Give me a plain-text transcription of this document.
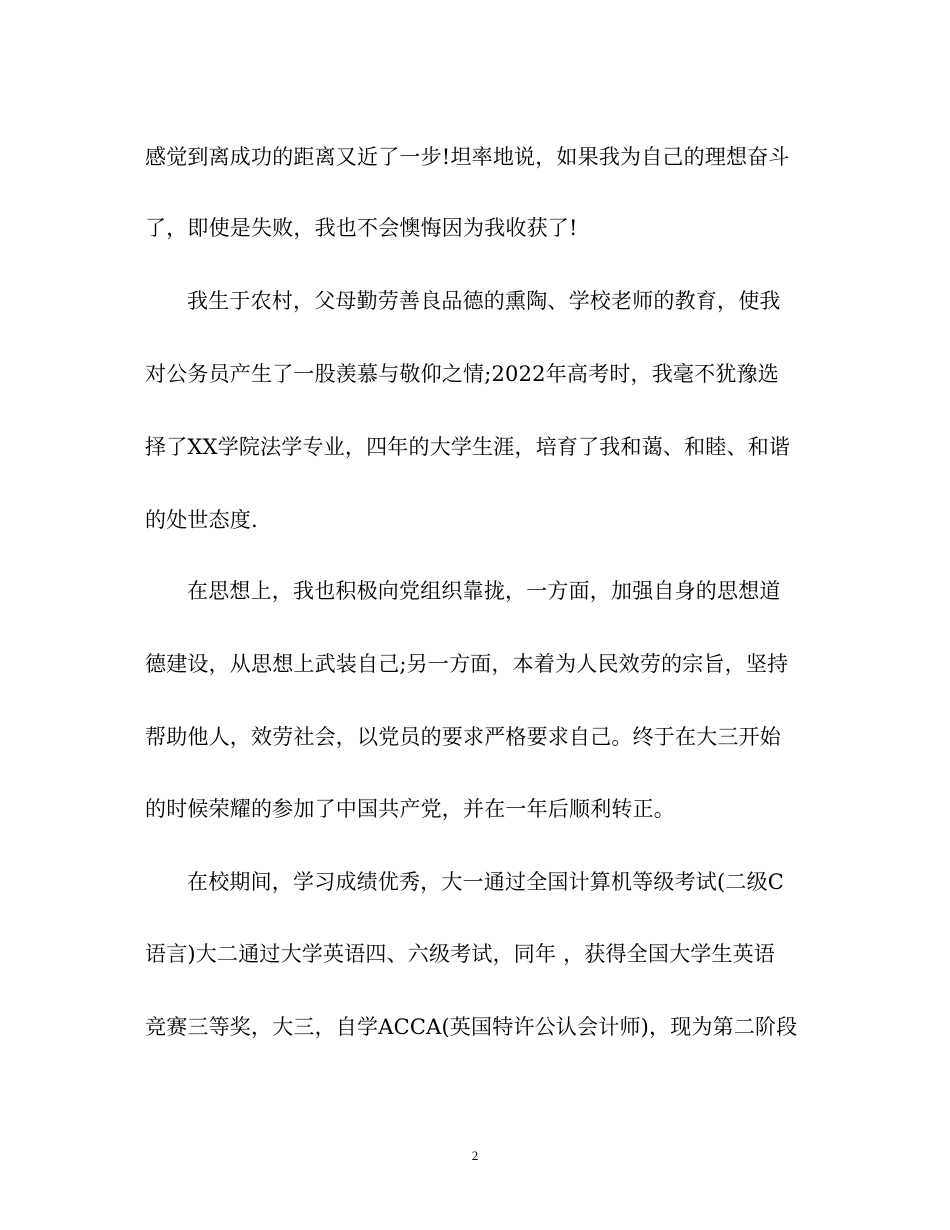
感觉到离成功的距离又近了一步!坦率地说，如果我为自己的理想奋斗
了，即使是失败，我也不会懊悔因为我收获了!
我生于农村，父母勤劳善良品德的熏陶、学校老师的教育，使我
对公务员产生了一股羡慕与敬仰之情;2022年高考时，我毫不犹豫选
择了XX学院法学专业，四年的大学生涯，培育了我和蔼、和睦、和谐
的处世态度.
在思想上，我也积极向党组织靠拢，一方面，加强自身的思想道
德建设，从思想上武装自己;另一方面，本着为人民效劳的宗旨，坚持
帮助他人，效劳社会，以党员的要求严格要求自己。终于在大三开始
的时候荣耀的参加了中国共产党，并在一年后顺利转正。
在校期间，学习成绩优秀，大一通过全国计算机等级考试(二级C
语言)大二通过大学英语四、六级考试，同年 ，获得全国大学生英语
竞赛三等奖，大三，自学ACCA(英国特许公认会计师)，现为第二阶段
2
